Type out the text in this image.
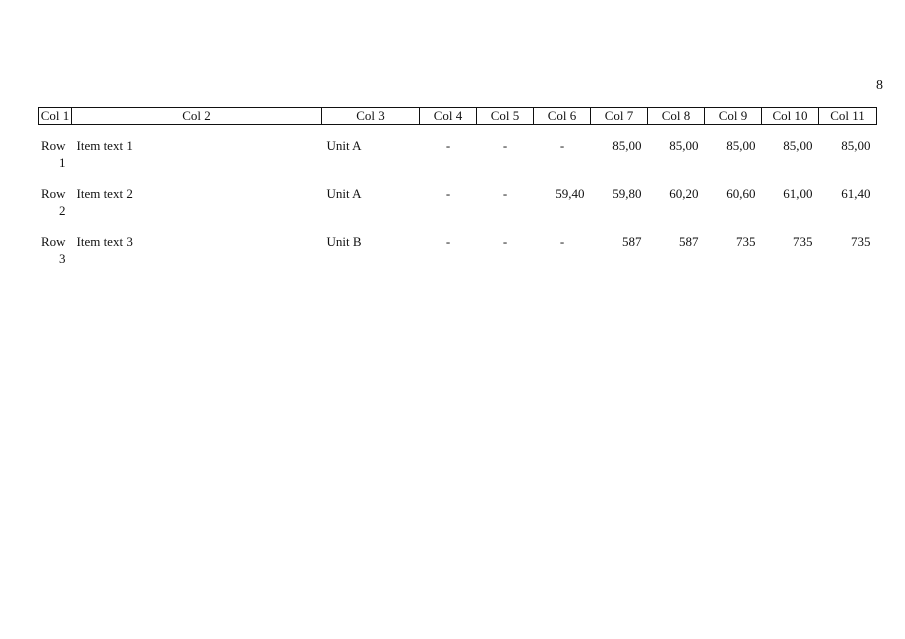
8
Col 1	Col 2	Col 3	Col 4	Col 5	Col 6	Col 7	Col 8	Col 9	Col 10	Col 11

Row 1	Item text 1	Unit A	-	-	-	85,00	85,00	85,00	85,00	85,00

Row 2	Item text 2	Unit A	-	-	59,40	59,80	60,20	60,60	61,00	61,40

Row 3	Item text 3	Unit B	-	-	-	587	587	735	735	735
